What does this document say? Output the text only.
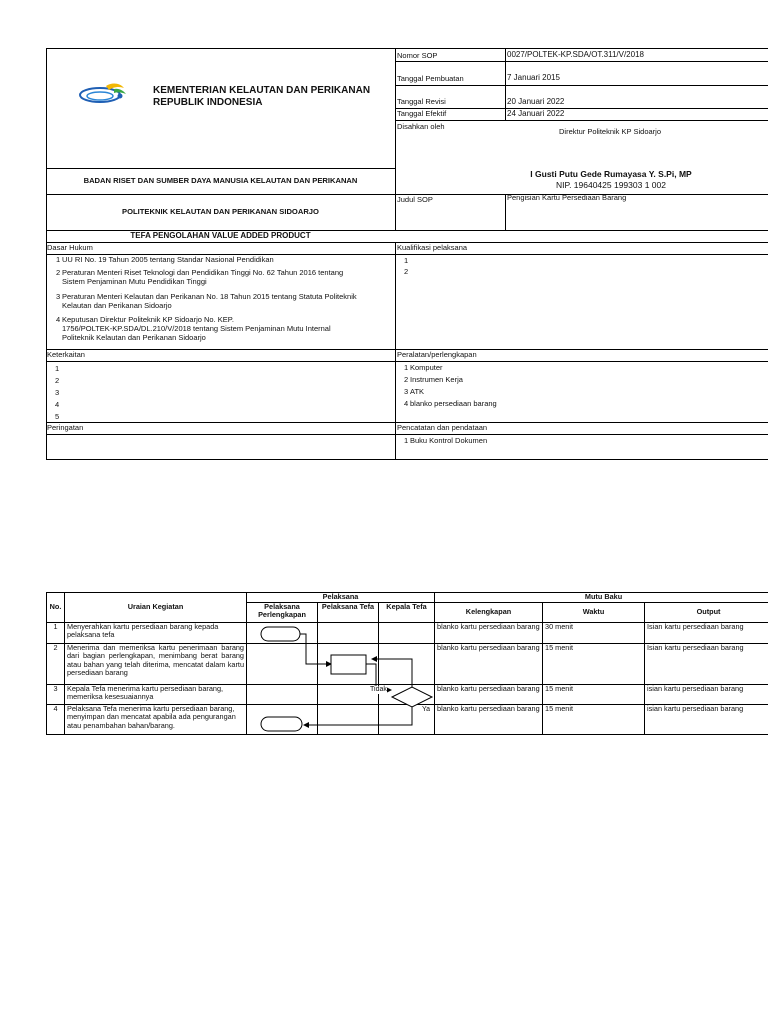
KEMENTERIAN KELAUTAN DAN PERIKANAN
REPUBLIK INDONESIA
BADAN RISET DAN SUMBER DAYA MANUSIA KELAUTAN DAN PERIKANAN
POLITEKNIK KELAUTAN DAN PERIKANAN SIDOARJO
TEFA PENGOLAHAN VALUE ADDED PRODUCT
Nomor SOP	0027/POLTEK-KP.SDA/OT.311/V/2018
Tanggal Pembuatan	7 Januari 2015
Tanggal Revisi	20 Januari 2022
Tanggal Efektif	24 Januari 2022
Disahkan oleh
Direktur Politeknik KP Sidoarjo
I Gusti Putu Gede Rumayasa Y. S.Pi, MP
NIP. 19640425 199303 1 002
Judul SOP	Pengisian Kartu Persediaan Barang
Dasar Hukum
1 UU RI No. 19 Tahun 2005 tentang Standar Nasional Pendidikan
2 Peraturan Menteri Riset Teknologi dan Pendidikan Tinggi No. 62 Tahun 2016 tentang
Sistem Penjaminan Mutu Pendidikan Tinggi
3 Peraturan Menteri Kelautan dan Perikanan No. 18 Tahun 2015 tentang Statuta Politeknik
Kelautan dan Perikanan Sidoarjo
4 Keputusan Direktur Politeknik KP Sidoarjo No. KEP.
1756/POLTEK-KP.SDA/DL.210/V/2018 tentang Sistem Penjaminan Mutu Internal
Politeknik Kelautan dan Perikanan Sidoarjo
Kualifikasi pelaksana
1
2
Keterkaitan
1
2
3
4
5
Peralatan/perlengkapan
1 Komputer
2 Instrumen Kerja
3 ATK
4 blanko persediaan barang
Peringatan	Pencatatan dan pendataan
1 Buku Kontrol Dokumen
No.	Uraian Kegiatan	Pelaksana			Mutu Baku		

		Pelaksana
Perlengkapan	Pelaksana Tefa	Kepala Tefa	Kelengkapan	Waktu	Output
1	Menyerahkan kartu persediaan barang kepada pelaksana tefa				blanko kartu persediaan barang	30 menit	Isian kartu persediaan barang
2	Menerima dan memeriksa kartu penerimaan barang dari bagian perlengkapan, menimbang berat barang atau bahan yang telah diterima, mencatat dalam kartu persediaan barang				blanko kartu persediaan barang	15 menit	Isian kartu persediaan barang
3	Kepala Tefa menerima kartu persediaan barang, memeriksa kesesuaiannya				blanko kartu persediaan barang	15 menit	isian kartu persediaan barang
4	Pelaksana Tefa menerima kartu persediaan barang, menyimpan dan mencatat apabila ada pengurangan atau penambahan bahan/barang.				blanko kartu persediaan barang	15 menit	isian kartu persediaan barang
Tidak
Ya
